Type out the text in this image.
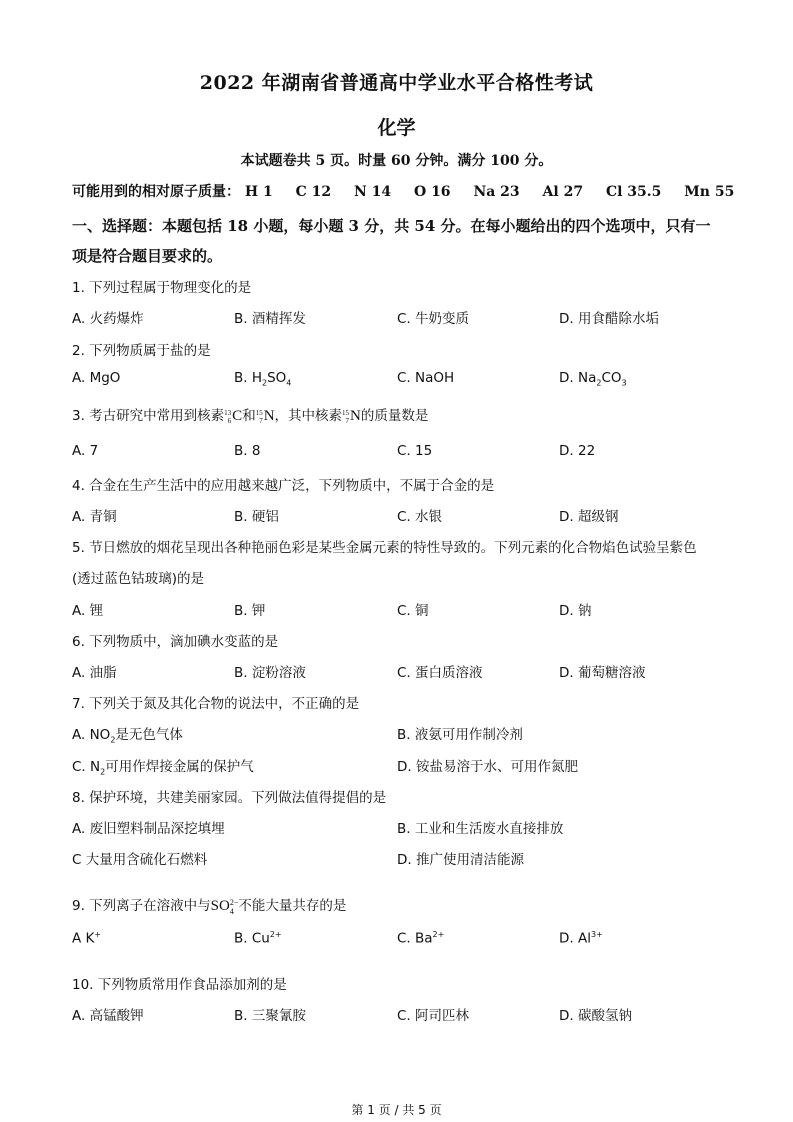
2022 年湖南省普通高中学业水平合格性考试
化学
本试题卷共 5 页。时量 60 分钟。满分 100 分。
可能用到的相对原子质量： H 1 C 12 N 14 O 16 Na 23 Al 27 Cl 35.5 Mn 55
一、选择题：本题包括 18 小题，每小题 3 分，共 54 分。在每小题给出的四个选项中，只有一项是符合题目要求的。
1. 下列过程属于物理变化的是
A. 火药爆炸	B. 酒精挥发	C. 牛奶变质	D. 用食醋除水垢
2. 下列物质属于盐的是
A. MgO	B. $H_2SO_4$	C. NaOH	D. $Na_2CO_3$
3. 考古研究中常用到核素 13
6 C和 15
7 N，其中核素 15
7 N的质量数是
A. 7	B. 8	C. 15	D. 22
4. 合金在生产生活中的应用越来越广泛，下列物质中，不属于合金的是
A. 青铜	B. 硬铝	C. 水银	D. 超级钢
5. 节日燃放的烟花呈现出各种艳丽色彩是某些金属元素的特性导致的。下列元素的化合物焰色试验呈紫色
(透过蓝色钴玻璃)的是
A. 锂	B. 钾	C. 铜	D. 钠
6. 下列物质中，滴加碘水变蓝的是
A. 油脂	B. 淀粉溶液	C. 蛋白质溶液	D. 葡萄糖溶液
7. 下列关于氮及其化合物的说法中，不正确的是
A. $NO_2$是无色气体	B. 液氨可用作制冷剂
C. $N_2$可用作焊接金属的保护气	D. 铵盐易溶于水、可用作氮肥
8. 保护环境，共建美丽家园。下列做法值得提倡的是
A. 废旧塑料制品深挖填埋	B. 工业和生活废水直接排放
C 大量用含硫化石燃料	D. 推广使用清洁能源
9. 下列离子在溶液中与SO 2−
4 不能大量共存的是
A K+	B. $Cu^{2+}$	C. $Ba^{2+}$	D. $Al^{3+}$
10. 下列物质常用作食品添加剂的是
A. 高锰酸钾	B. 三聚氰胺	C. 阿司匹林	D. 碳酸氢钠
第 1 页 / 共 5 页
